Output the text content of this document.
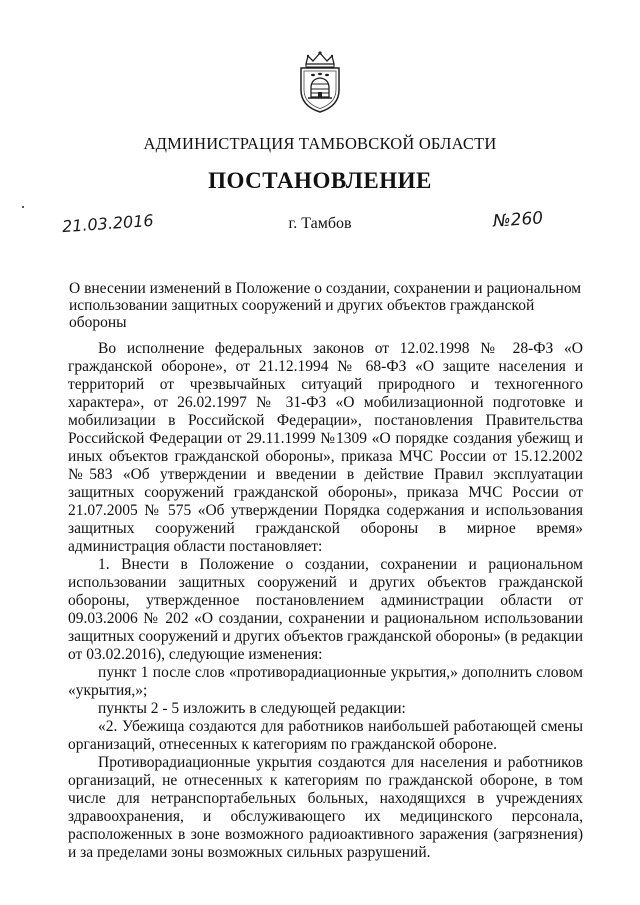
АДМИНИСТРАЦИЯ ТАМБОВСКОЙ ОБЛАСТИ
ПОСТАНОВЛЕНИЕ
21.03.2016	г. Тамбов	№260
О внесении изменений в Положение о создании, сохранении и рациональном использовании защитных сооружений и других объектов гражданской обороны

Во исполнение федеральных законов от 12.02.1998 № 28-ФЗ «О гражданской обороне», от 21.12.1994 № 68-ФЗ «О защите населения и территорий от чрезвычайных ситуаций природного и техногенного характера», от 26.02.1997 № 31-ФЗ «О мобилизационной подготовке и мобилизации в Российской Федерации», постановления Правительства Российской Федерации от 29.11.1999 №1309 «О порядке создания убежищ и иных объектов гражданской обороны», приказа МЧС России от 15.12.2002 №583 «Об утверждении и введении в действие Правил эксплуатации защитных сооружений гражданской обороны», приказа МЧС России от 21.07.2005 № 575 «Об утверждении Порядка содержания и использования защитных сооружений гражданской обороны в мирное время» администрация области постановляет:

1. Внести в Положение о создании, сохранении и рациональном использовании защитных сооружений и других объектов гражданской обороны, утвержденное постановлением администрации области от 09.03.2006 № 202 «О создании, сохранении и рациональном использовании защитных сооружений и других объектов гражданской обороны» (в редакции от 03.02.2016), следующие изменения:

пункт 1 после слов «противорадиационные укрытия,» дополнить словом «укрытия,»;

пункты 2 - 5 изложить в следующей редакции:

«2. Убежища создаются для работников наибольшей работающей смены организаций, отнесенных к категориям по гражданской обороне.

Противорадиационные укрытия создаются для населения и работников организаций, не отнесенных к категориям по гражданской обороне, в том числе для нетранспортабельных больных, находящихся в учреждениях здравоохранения, и обслуживающего их медицинского персонала, расположенных в зоне возможного радиоактивного заражения (загрязнения) и за пределами зоны возможных сильных разрушений.
